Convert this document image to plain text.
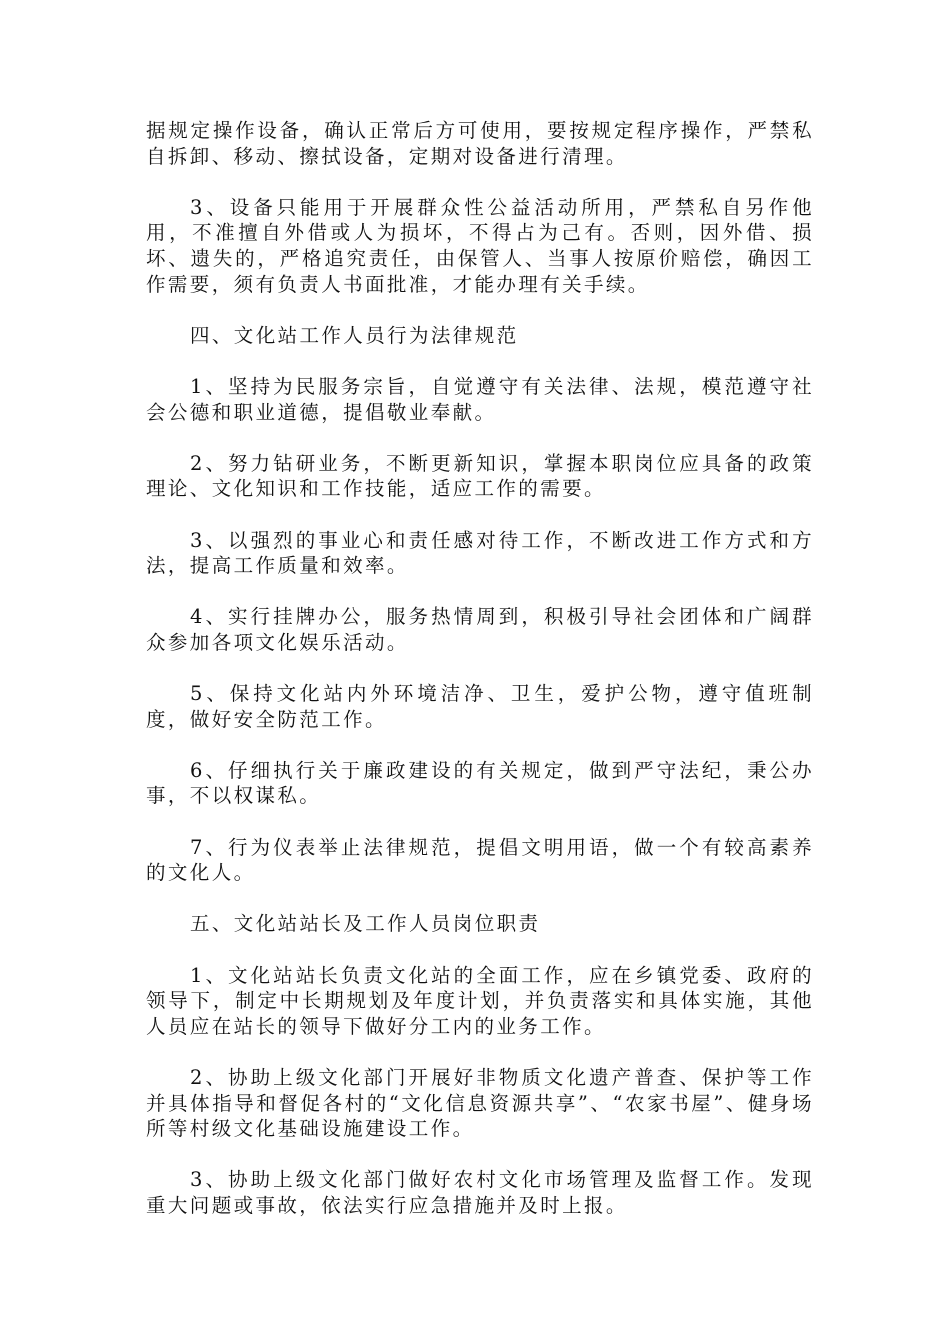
据规定操作设备，确认正常后方可使用，要按规定程序操作，严禁私自拆卸、移动、擦拭设备，定期对设备进行清理。

3、设备只能用于开展群众性公益活动所用，严禁私自另作他用，不准擅自外借或人为损坏，不得占为己有。否则，因外借、损坏、遗失的，严格追究责任，由保管人、当事人按原价赔偿，确因工作需要，须有负责人书面批准，才能办理有关手续。

四、文化站工作人员行为法律规范

1、坚持为民服务宗旨，自觉遵守有关法律、法规，模范遵守社会公德和职业道德，提倡敬业奉献。

2、努力钻研业务，不断更新知识，掌握本职岗位应具备的政策理论、文化知识和工作技能，适应工作的需要。

3、以强烈的事业心和责任感对待工作，不断改进工作方式和方法，提高工作质量和效率。

4、实行挂牌办公，服务热情周到，积极引导社会团体和广阔群众参加各项文化娱乐活动。

5、保持文化站内外环境洁净、卫生，爱护公物，遵守值班制度，做好安全防范工作。

6、仔细执行关于廉政建设的有关规定，做到严守法纪，秉公办事，不以权谋私。

7、行为仪表举止法律规范，提倡文明用语，做一个有较高素养的文化人。

五、文化站站长及工作人员岗位职责

1、文化站站长负责文化站的全面工作，应在乡镇党委、政府的领导下，制定中长期规划及年度计划，并负责落实和具体实施，其他人员应在站长的领导下做好分工内的业务工作。

2、协助上级文化部门开展好非物质文化遗产普查、保护等工作并具体指导和督促各村的“文化信息资源共享”、“农家书屋”、健身场所等村级文化基础设施建设工作。

3、协助上级文化部门做好农村文化市场管理及监督工作。发现重大问题或事故，依法实行应急措施并及时上报。
